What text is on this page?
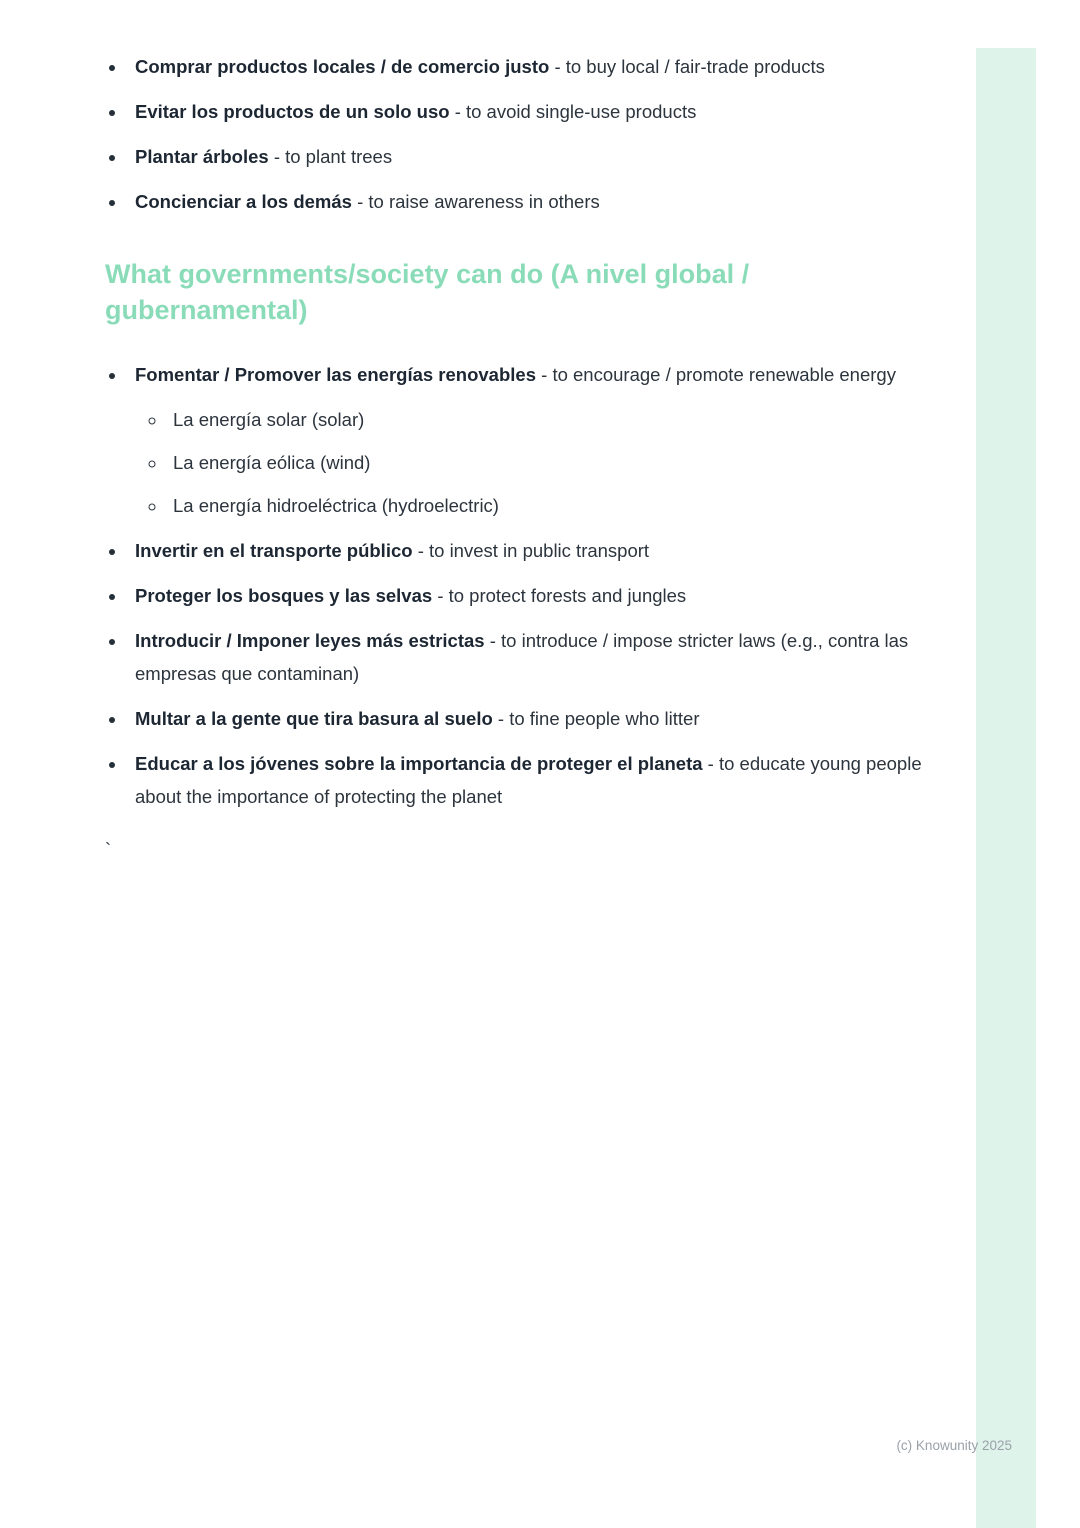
• Comprar productos locales / de comercio justo - to buy local / fair-trade products
• Evitar los productos de un solo uso - to avoid single-use products
• Plantar árboles - to plant trees
• Concienciar a los demás - to raise awareness in others
What governments/society can do (A nivel global / gubernamental)
• Fomentar / Promover las energías renovables - to encourage / promote renewable energy
◦ La energía solar (solar)
◦ La energía eólica (wind)
◦ La energía hidroeléctrica (hydroelectric)
• Invertir en el transporte público - to invest in public transport
• Proteger los bosques y las selvas - to protect forests and jungles
• Introducir / Imponer leyes más estrictas - to introduce / impose stricter laws (e.g., contra las empresas que contaminan)
• Multar a la gente que tira basura al suelo - to fine people who litter
• Educar a los jóvenes sobre la importancia de proteger el planeta - to educate young people about the importance of protecting the planet
`
(c) Knowunity 2025
